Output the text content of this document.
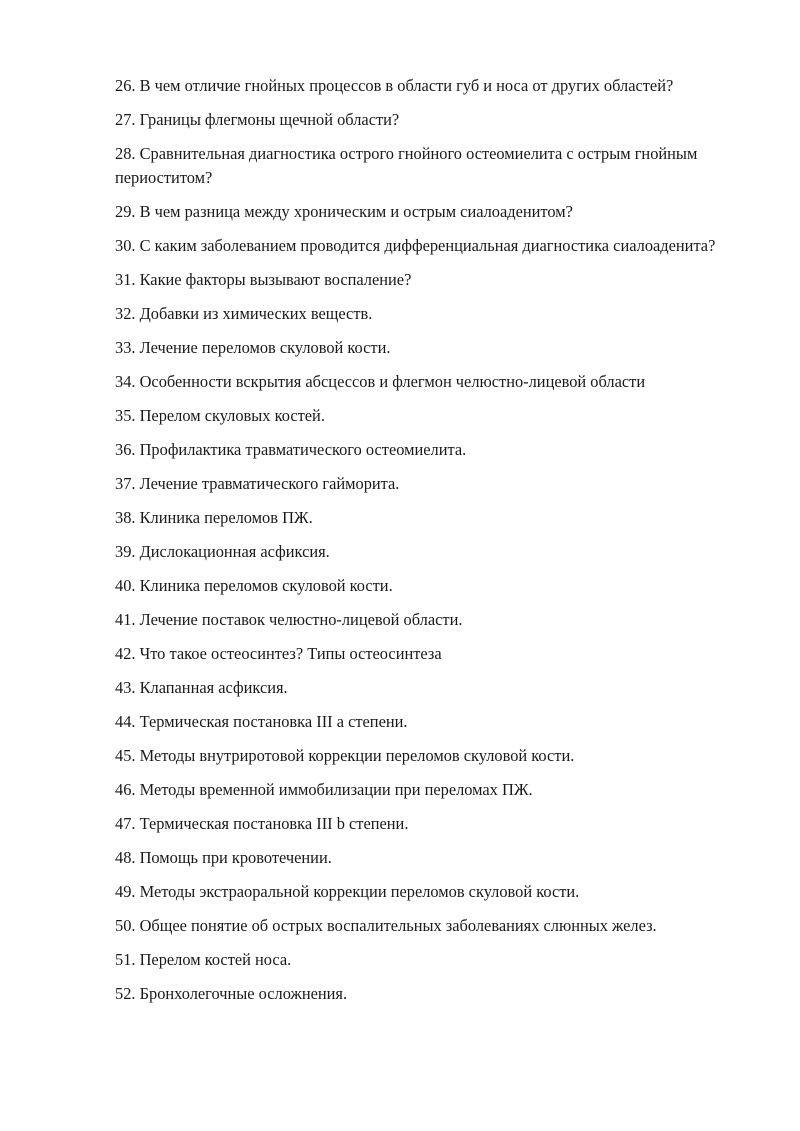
26. В чем отличие гнойных процессов в области губ и носа от других областей?
27. Границы флегмоны щечной области?
28. Сравнительная диагностика острого гнойного остеомиелита с острым гнойным периоститом?
29. В чем разница между хроническим и острым сиалоаденитом?
30. С каким заболеванием проводится дифференциальная диагностика сиалоаденита?
31. Какие факторы вызывают воспаление?
32. Добавки из химических веществ.
33. Лечение переломов скуловой кости.
34. Особенности вскрытия абсцессов и флегмон челюстно-лицевой области
35. Перелом скуловых костей.
36. Профилактика травматического остеомиелита.
37. Лечение травматического гайморита.
38. Клиника переломов ПЖ.
39. Дислокационная асфиксия.
40. Клиника переломов скуловой кости.
41. Лечение поставок челюстно-лицевой области.
42. Что такое остеосинтез? Типы остеосинтеза
43. Клапанная асфиксия.
44. Термическая постановка III a степени.
45. Методы внутриротовой коррекции переломов скуловой кости.
46. Методы временной иммобилизации при переломах ПЖ.
47. Термическая постановка III b степени.
48. Помощь при кровотечении.
49. Методы экстраоральной коррекции переломов скуловой кости.
50. Общее понятие об острых воспалительных заболеваниях слюнных желез.
51. Перелом костей носа.
52. Бронхолегочные осложнения.
